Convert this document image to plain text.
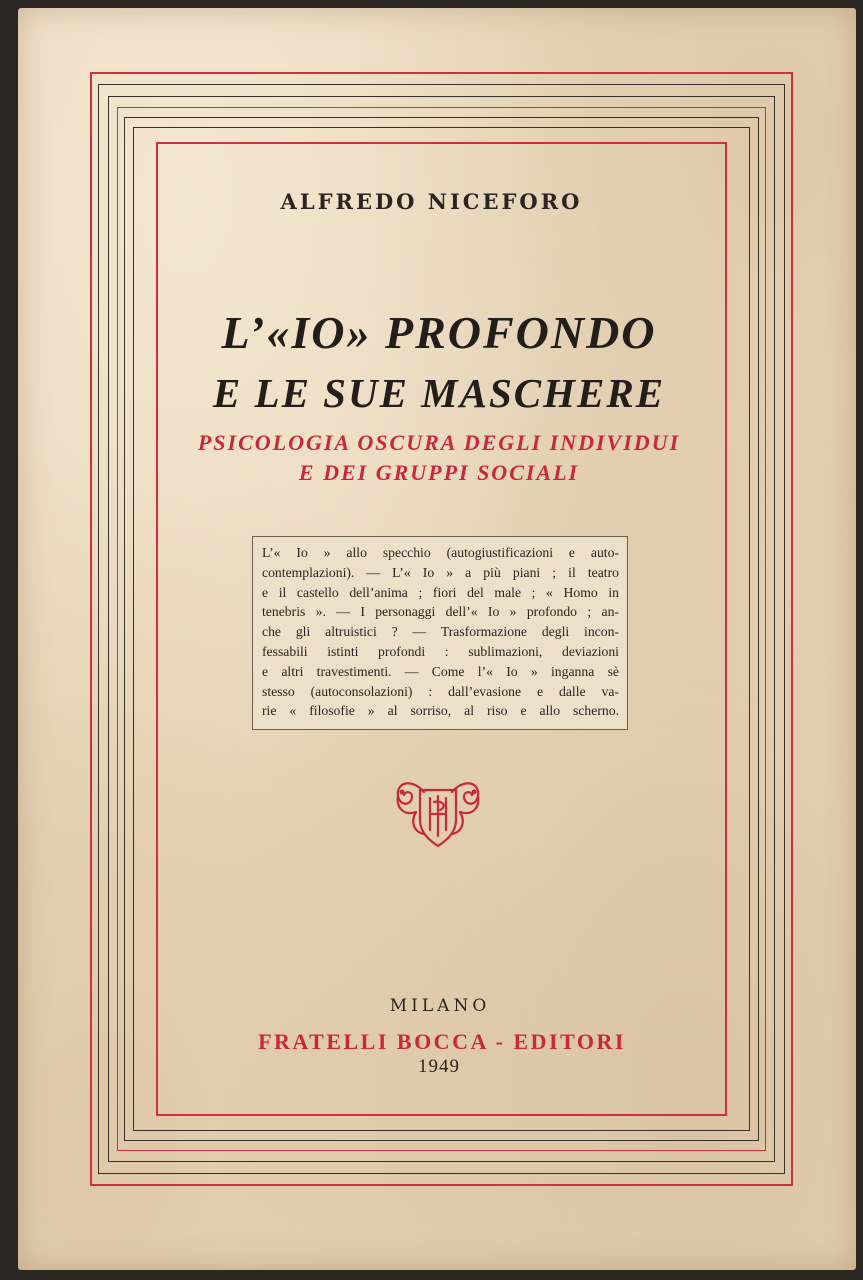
ALFREDO NICEFORO
L’«IO» PROFONDO
E LE SUE MASCHERE
PSICOLOGIA OSCURA DEGLI INDIVIDUI
E DEI GRUPPI SOCIALI

L’« Io » allo specchio (autogiustificazioni e auto-
contemplazioni). — L’« Io » a più piani ; il teatro
e il castello dell’anima ; fiori del male ; « Homo in
tenebris ». — I personaggi dell’« Io » profondo ; an-
che gli altruistici ? — Trasformazione degli incon-
fessabili istinti profondi : sublimazioni, deviazioni
e altri travestimenti. — Come l’« Io » inganna sè
stesso (autoconsolazioni) : dall’evasione e dalle va-
rie « filosofie » al sorriso, al riso e allo scherno.

MILANO
FRATELLI BOCCA - EDITORI
1949
